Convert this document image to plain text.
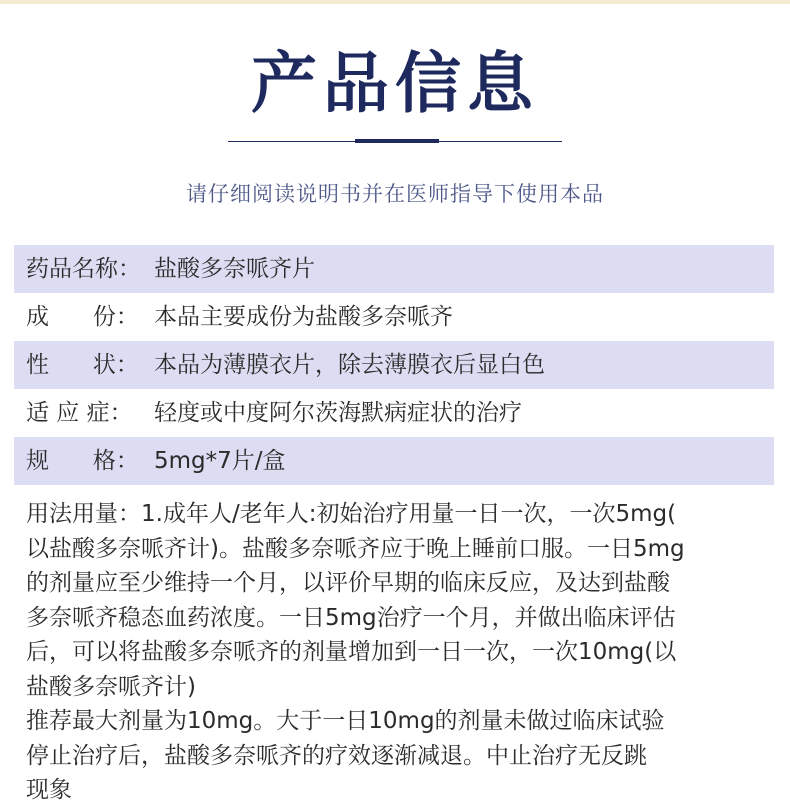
产品信息
请仔细阅读说明书并在医师指导下使用本品
药品名称： 盐酸多奈哌齐片
成      份： 本品主要成份为盐酸多奈哌齐
性      状： 本品为薄膜衣片，除去薄膜衣后显白色
适 应 症： 轻度或中度阿尔茨海默病症状的治疗
规      格： 5mg*7片/盒
用法用量：1.成年人/老年人:初始治疗用量一日一次，一次5mg(
以盐酸多奈哌齐计)。盐酸多奈哌齐应于晚上睡前口服。一日5mg
的剂量应至少维持一个月，以评价早期的临床反应，及达到盐酸
多奈哌齐稳态血药浓度。一日5mg治疗一个月，并做出临床评估
后，可以将盐酸多奈哌齐的剂量增加到一日一次，一次10mg(以
盐酸多奈哌齐计)
推荐最大剂量为10mg。大于一日10mg的剂量未做过临床试验
停止治疗后，盐酸多奈哌齐的疗效逐渐减退。中止治疗无反跳
现象
